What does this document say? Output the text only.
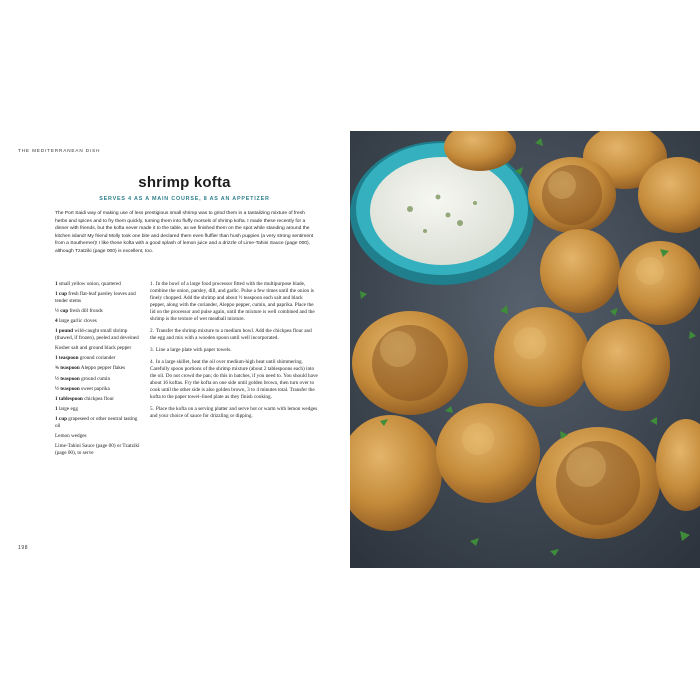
THE MEDITERRANEAN DISH
shrimp kofta
SERVES 4 AS A MAIN COURSE, 8 AS AN APPETIZER
The Port Saidi way of making use of less prestigious small shrimp was to grind them in a tantalizing mixture of fresh herbs and spices and to fry them quickly, turning them into fluffy morsels of shrimp kofta. I made these recently for a dinner with friends, but the kofta never made it to the table, as we finished them on the spot while standing around the kitchen island! My friend Molly took one bite and declared them even fluffier than hush puppies (a very strong sentiment from a Southerner)! I like these kofta with a good splash of lemon juice and a drizzle of Lime-Tahini Sauce (page 000), although Tzatziki (page 000) is excellent, too.
1 small yellow onion, quartered
1 cup fresh flat-leaf parsley leaves and tender stems
½ cup fresh dill fronds
4 large garlic cloves
1 pound wild-caught small shrimp (thawed, if frozen), peeled and deveined
Kosher salt and ground black pepper
1 teaspoon ground coriander
¾ teaspoon Aleppo pepper flakes
½ teaspoon ground cumin
½ teaspoon sweet paprika
1 tablespoon chickpea flour
1 large egg
1 cup grapeseed or other neutral tasting oil
Lemon wedges
Lime-Tahini Sauce (page 00) or Tzatziki (page 00), to serve
1. In the bowl of a large food processor fitted with the multipurpose blade, combine the onion, parsley, dill, and garlic. Pulse a few times until the onion is finely chopped. Add the shrimp and about ½ teaspoon each salt and black pepper, along with the coriander, Aleppo pepper, cumin, and paprika. Place the lid on the processor and pulse again, until the mixture is well combined and the shrimp is the texture of wet meatball mixture.
2. Transfer the shrimp mixture to a medium bowl. Add the chickpea flour and the egg and mix with a wooden spoon until well incorporated.
3. Line a large plate with paper towels.
4. In a large skillet, heat the oil over medium-high heat until shimmering. Carefully spoon portions of the shrimp mixture (about 2 tablespoons each) into the oil. Do not crowd the pan; do this in batches, if you need to. You should have about 16 koftas. Fry the kofta on one side until golden brown, then turn over to cook until the other side is also golden brown, 3 to 4 minutes total. Transfer the kofta to the paper towel–lined plate as they finish cooking.
5. Place the kofta on a serving platter and serve hot or warm with lemon wedges and your choice of sauce for drizzling or dipping.
198
